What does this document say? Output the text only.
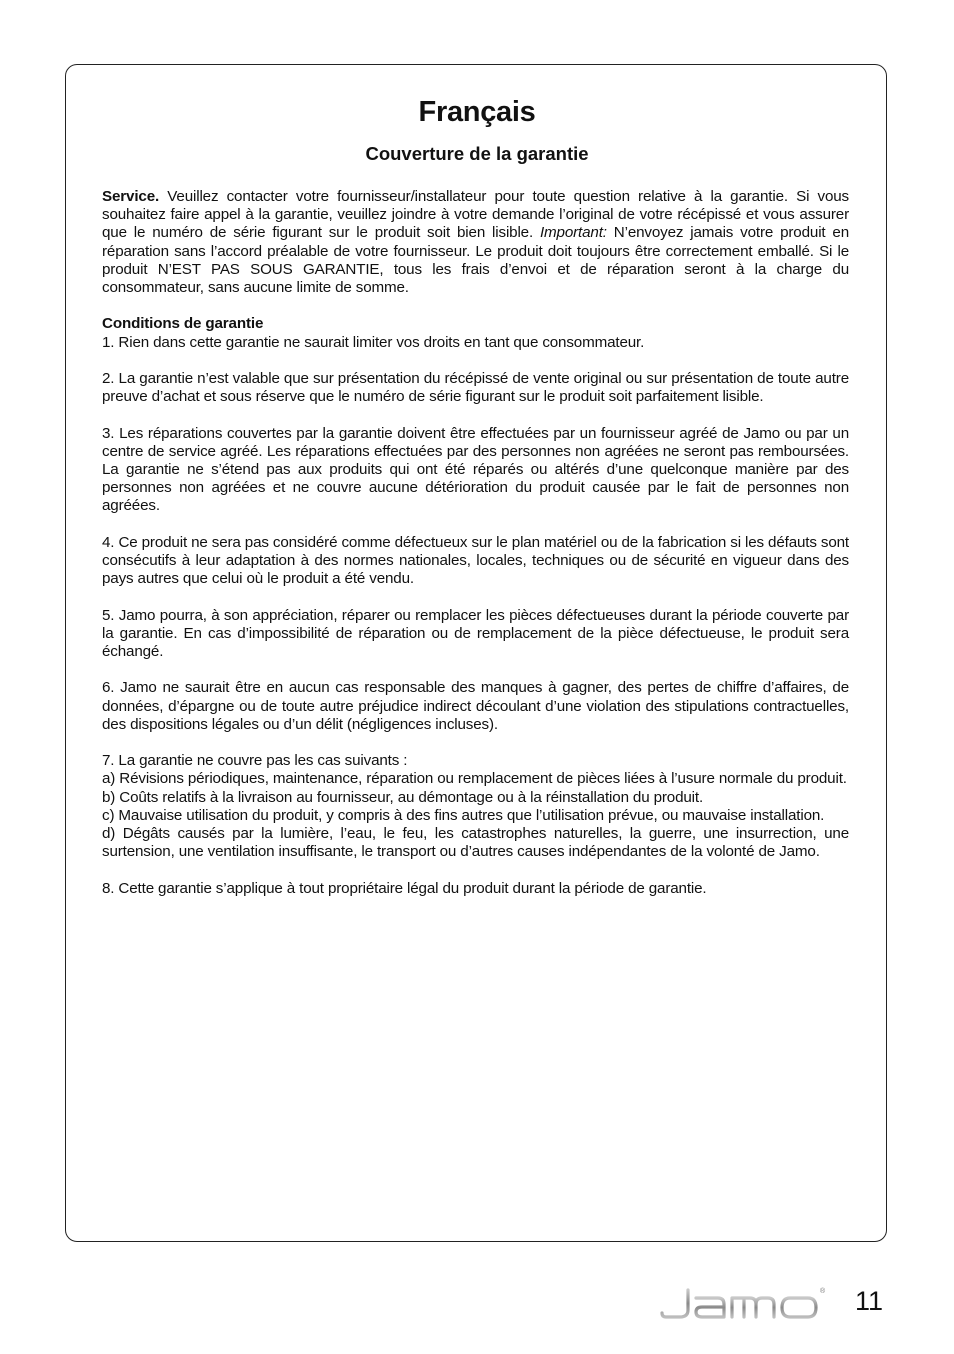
Français
Couverture de la garantie

Service. Veuillez contacter votre fournisseur/installateur pour toute question relative à la garantie. Si vous souhaitez faire appel à la garantie, veuillez joindre à votre demande l’original de votre récépissé et vous assurer que le numéro de série figurant sur le produit soit bien lisible. Important: N’envoyez jamais votre produit en réparation sans l’accord préalable de votre fournisseur. Le produit doit toujours être correctement emballé. Si le produit N’EST PAS SOUS GARANTIE, tous les frais d’envoi et de réparation seront à la charge du consommateur, sans aucune limite de somme.

Conditions de garantie

1. Rien dans cette garantie ne saurait limiter vos droits en tant que consommateur.

2. La garantie n’est valable que sur présentation du récépissé de vente original ou sur présentation de toute autre preuve d’achat et sous réserve que le numéro de série figurant sur le produit soit parfaitement lisible.

3. Les réparations couvertes par la garantie doivent être effectuées par un fournisseur agréé de Jamo ou par un centre de service agréé. Les réparations effectuées par des personnes non agréées ne seront pas remboursées. La garantie ne s’étend pas aux produits qui ont été réparés ou altérés d’une quelconque manière par des personnes non agréées et ne couvre aucune détérioration du produit causée par le fait de personnes non agréées.

4. Ce produit ne sera pas considéré comme défectueux sur le plan matériel ou de la fabrication si les défauts sont consécutifs à leur adaptation à des normes nationales, locales, techniques ou de sécurité en vigueur dans des pays autres que celui où le produit a été vendu.

5. Jamo pourra, à son appréciation, réparer ou remplacer les pièces défectueuses durant la période couverte par la garantie. En cas d’impossibilité de réparation ou de remplacement de la pièce défectueuse, le produit sera échangé.

6. Jamo ne saurait être en aucun cas responsable des manques à gagner, des pertes de chiffre d’affaires, de données, d’épargne ou de toute autre préjudice indirect découlant d’une violation des stipulations contractuelles, des dispositions légales ou d’un délit (négligences incluses).

7. La garantie ne couvre pas les cas suivants :

a) Révisions périodiques, maintenance, réparation ou remplacement de pièces liées à l’usure normale du produit.

b) Coûts relatifs à la livraison au fournisseur, au démontage ou à la réinstallation du produit.

c) Mauvaise utilisation du produit, y compris à des fins autres que l’utilisation prévue, ou mauvaise installation.

d) Dégâts causés par la lumière, l’eau, le feu, les catastrophes naturelles, la guerre, une insurrection, une surtension, une ventilation insuffisante, le transport ou d’autres causes indépendantes de la volonté de Jamo.

8. Cette garantie s’applique à tout propriétaire légal du produit durant la période de garantie.

® 11
